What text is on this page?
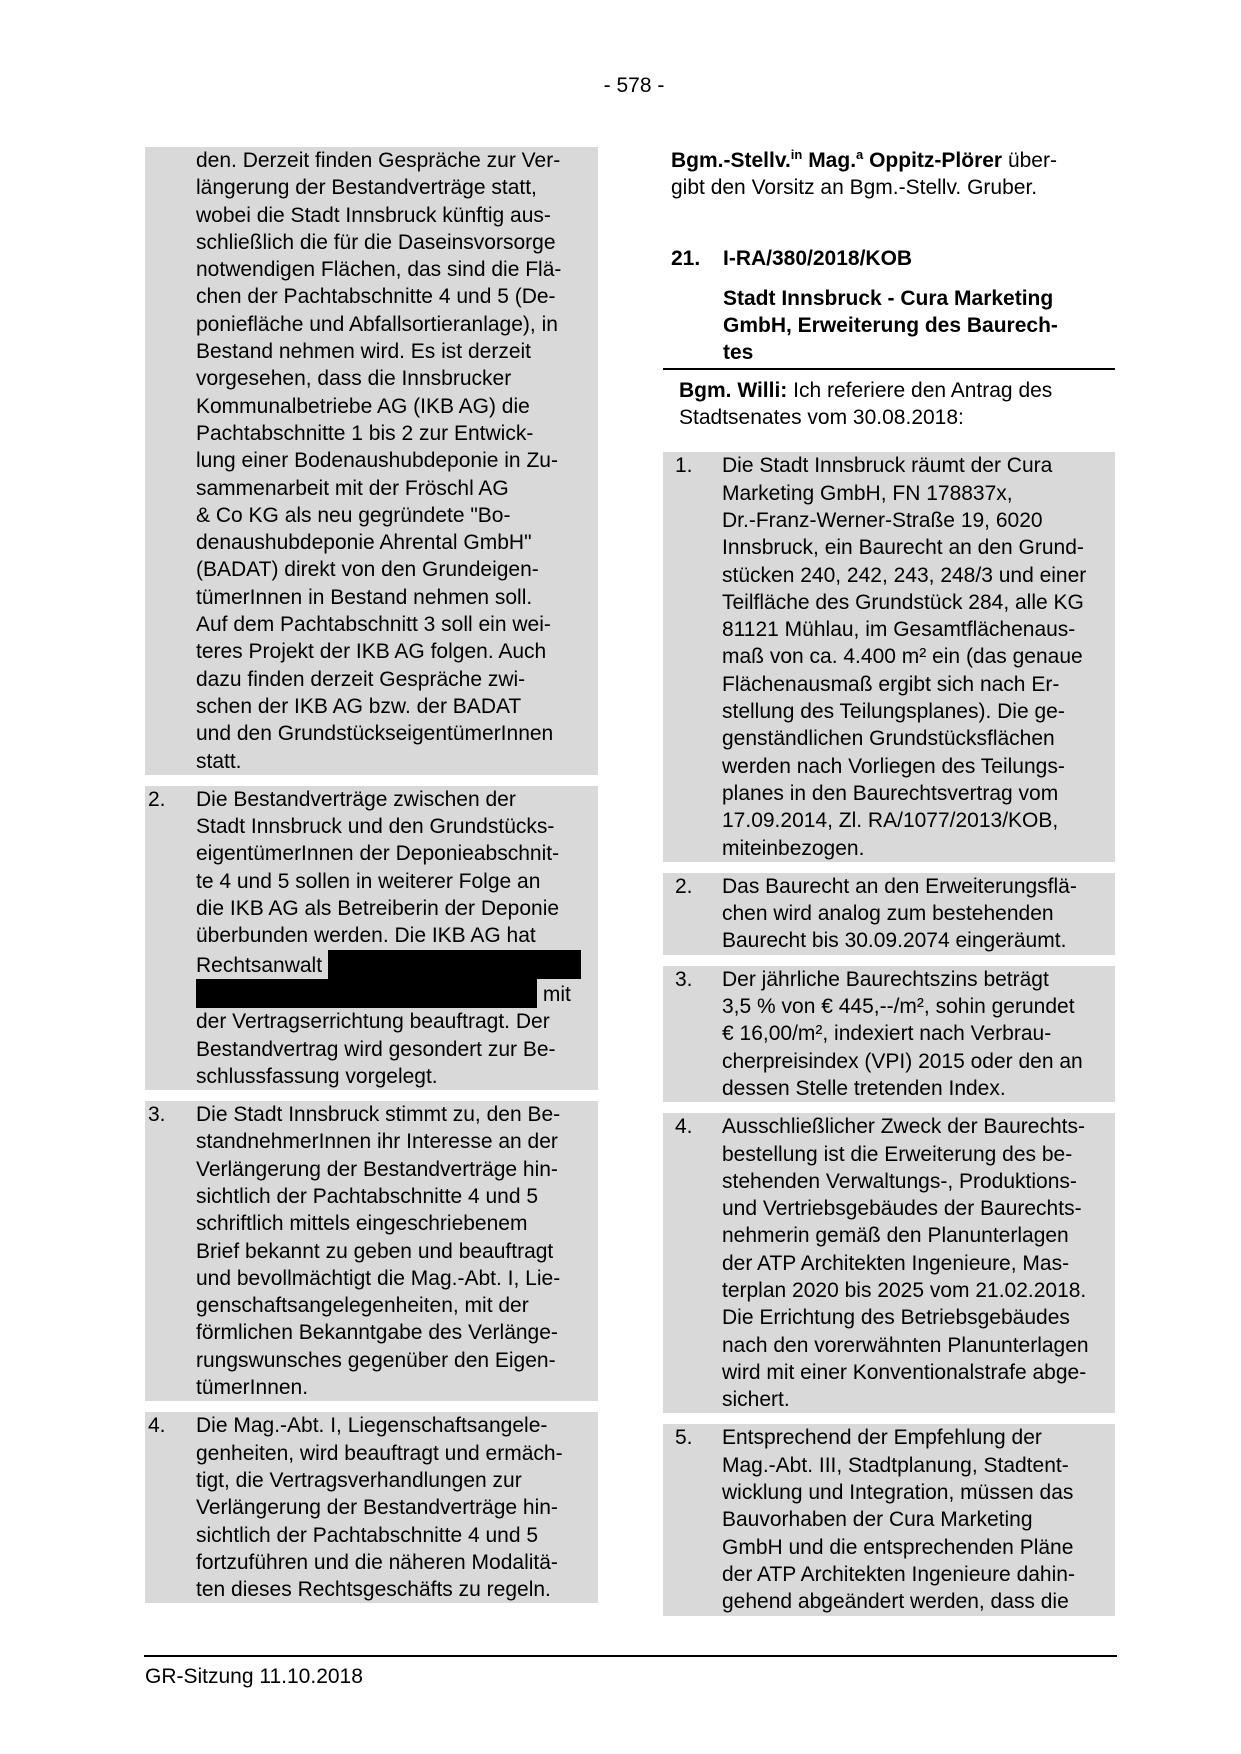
- 578 -
den. Derzeit finden Gespräche zur Ver-
längerung der Bestandverträge statt,
wobei die Stadt Innsbruck künftig aus-
schließlich die für die Daseinsvorsorge
notwendigen Flächen, das sind die Flä-
chen der Pachtabschnitte 4 und 5 (De-
poniefläche und Abfallsortieranlage), in
Bestand nehmen wird. Es ist derzeit
vorgesehen, dass die Innsbrucker
Kommunalbetriebe AG (IKB AG) die
Pachtabschnitte 1 bis 2 zur Entwick-
lung einer Bodenaushubdeponie in Zu-
sammenarbeit mit der Fröschl AG
& Co KG als neu gegründete "Bo-
denaushubdeponie Ahrental GmbH"
(BADAT) direkt von den Grundeigen-
tümerInnen in Bestand nehmen soll.
Auf dem Pachtabschnitt 3 soll ein wei-
teres Projekt der IKB AG folgen. Auch
dazu finden derzeit Gespräche zwi-
schen der IKB AG bzw. der BADAT
und den GrundstückseigentümerInnen
statt.
2. Die Bestandverträge zwischen der
Stadt Innsbruck und den Grundstücks-
eigentümerInnen der Deponieabschnit-
te 4 und 5 sollen in weiterer Folge an
die IKB AG als Betreiberin der Deponie
überbunden werden. Die IKB AG hat
Rechtsanwalt
mit
der Vertragserrichtung beauftragt. Der
Bestandvertrag wird gesondert zur Be-
schlussfassung vorgelegt.
3. Die Stadt Innsbruck stimmt zu, den Be-
standnehmerInnen ihr Interesse an der
Verlängerung der Bestandverträge hin-
sichtlich der Pachtabschnitte 4 und 5
schriftlich mittels eingeschriebenem
Brief bekannt zu geben und beauftragt
und bevollmächtigt die Mag.-Abt. I, Lie-
genschaftsangelegenheiten, mit der
förmlichen Bekanntgabe des Verlänge-
rungswunsches gegenüber den Eigen-
tümerInnen.
4. Die Mag.-Abt. I, Liegenschaftsangele-
genheiten, wird beauftragt und ermäch-
tigt, die Vertragsverhandlungen zur
Verlängerung der Bestandverträge hin-
sichtlich der Pachtabschnitte 4 und 5
fortzuführen und die näheren Modalitä-
ten dieses Rechtsgeschäfts zu regeln.
Bgm.-Stellv.$^{in}$ Mag.$^a$ Oppitz-Plörer über-
gibt den Vorsitz an Bgm.-Stellv. Gruber.
21. I-RA/380/2018/KOB
Stadt Innsbruck - Cura Marketing
GmbH, Erweiterung des Baurech-
tes
Bgm. Willi: Ich referiere den Antrag des
Stadtsenates vom 30.08.2018:
1. Die Stadt Innsbruck räumt der Cura
Marketing GmbH, FN 178837x,
Dr.-Franz-Werner-Straße 19, 6020
Innsbruck, ein Baurecht an den Grund-
stücken 240, 242, 243, 248/3 und einer
Teilfläche des Grundstück 284, alle KG
81121 Mühlau, im Gesamtflächenaus-
maß von ca. 4.400 m² ein (das genaue
Flächenausmaß ergibt sich nach Er-
stellung des Teilungsplanes). Die ge-
genständlichen Grundstücksflächen
werden nach Vorliegen des Teilungs-
planes in den Baurechtsvertrag vom
17.09.2014, Zl. RA/1077/2013/KOB,
miteinbezogen.
2. Das Baurecht an den Erweiterungsflä-
chen wird analog zum bestehenden
Baurecht bis 30.09.2074 eingeräumt.
3. Der jährliche Baurechtszins beträgt
3,5 % von € 445,--/m², sohin gerundet
€ 16,00/m², indexiert nach Verbrau-
cherpreisindex (VPI) 2015 oder den an
dessen Stelle tretenden Index.
4. Ausschließlicher Zweck der Baurechts-
bestellung ist die Erweiterung des be-
stehenden Verwaltungs-, Produktions-
und Vertriebsgebäudes der Baurechts-
nehmerin gemäß den Planunterlagen
der ATP Architekten Ingenieure, Mas-
terplan 2020 bis 2025 vom 21.02.2018.
Die Errichtung des Betriebsgebäudes
nach den vorerwähnten Planunterlagen
wird mit einer Konventionalstrafe abge-
sichert.
5. Entsprechend der Empfehlung der
Mag.-Abt. III, Stadtplanung, Stadtent-
wicklung und Integration, müssen das
Bauvorhaben der Cura Marketing
GmbH und die entsprechenden Pläne
der ATP Architekten Ingenieure dahin-
gehend abgeändert werden, dass die
GR-Sitzung 11.10.2018
